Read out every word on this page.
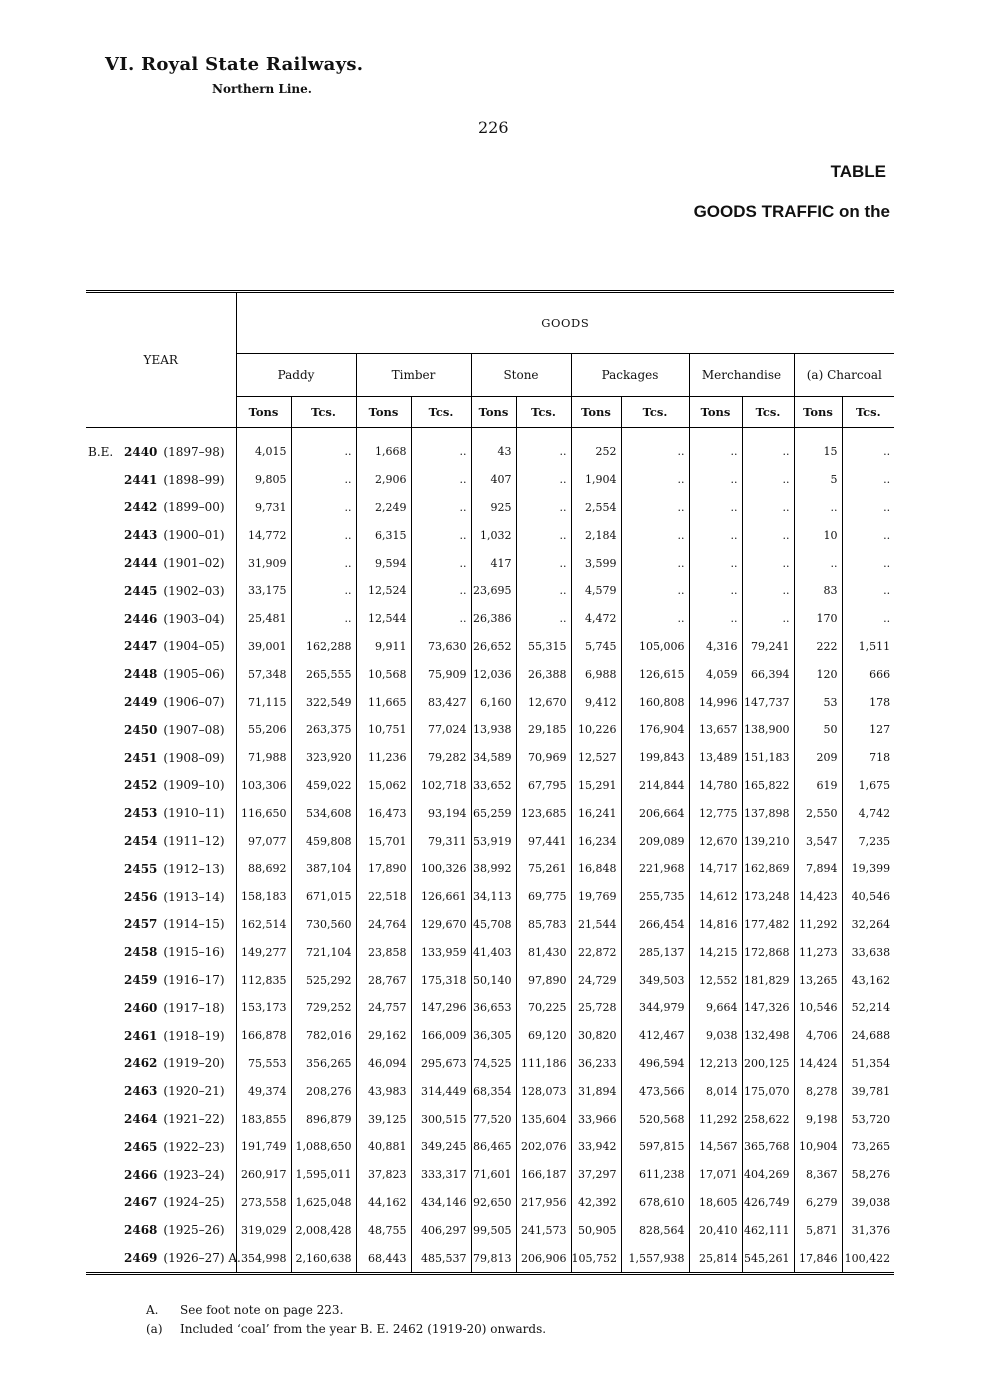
VI. Royal State Railways.
Northern Line.
226
TABLE
GOODS TRAFFIC on the
YEAR	GOODS											
	Paddy		Timber		Stone		Packages		Merchandise		(a) Charcoal	
	Tons	Tcs.	Tons	Tcs.	Tons	Tcs.	Tons	Tcs.	Tons	Tcs.	Tons	Tcs.
B.E. 2440 (1897–98)	4,015	..	1,668	..	43	..	252	..	..	..	15	..
2441 (1898–99)	9,805	..	2,906	..	407	..	1,904	..	..	..	5	..
2442 (1899–00)	9,731	..	2,249	..	925	..	2,554	..	..	..	..	..
2443 (1900–01)	14,772	..	6,315	..	1,032	..	2,184	..	..	..	10	..
2444 (1901–02)	31,909	..	9,594	..	417	..	3,599	..	..	..	..	..
2445 (1902–03)	33,175	..	12,524	..	23,695	..	4,579	..	..	..	83	..
2446 (1903–04)	25,481	..	12,544	..	26,386	..	4,472	..	..	..	170	..
2447 (1904–05)	39,001	162,288	9,911	73,630	26,652	55,315	5,745	105,006	4,316	79,241	222	1,511
2448 (1905–06)	57,348	265,555	10,568	75,909	12,036	26,388	6,988	126,615	4,059	66,394	120	666
2449 (1906–07)	71,115	322,549	11,665	83,427	6,160	12,670	9,412	160,808	14,996	147,737	53	178
2450 (1907–08)	55,206	263,375	10,751	77,024	13,938	29,185	10,226	176,904	13,657	138,900	50	127
2451 (1908–09)	71,988	323,920	11,236	79,282	34,589	70,969	12,527	199,843	13,489	151,183	209	718
2452 (1909–10)	103,306	459,022	15,062	102,718	33,652	67,795	15,291	214,844	14,780	165,822	619	1,675
2453 (1910–11)	116,650	534,608	16,473	93,194	65,259	123,685	16,241	206,664	12,775	137,898	2,550	4,742
2454 (1911–12)	97,077	459,808	15,701	79,311	53,919	97,441	16,234	209,089	12,670	139,210	3,547	7,235
2455 (1912–13)	88,692	387,104	17,890	100,326	38,992	75,261	16,848	221,968	14,717	162,869	7,894	19,399
2456 (1913–14)	158,183	671,015	22,518	126,661	34,113	69,775	19,769	255,735	14,612	173,248	14,423	40,546
2457 (1914–15)	162,514	730,560	24,764	129,670	45,708	85,783	21,544	266,454	14,816	177,482	11,292	32,264
2458 (1915–16)	149,277	721,104	23,858	133,959	41,403	81,430	22,872	285,137	14,215	172,868	11,273	33,638
2459 (1916–17)	112,835	525,292	28,767	175,318	50,140	97,890	24,729	349,503	12,552	181,829	13,265	43,162
2460 (1917–18)	153,173	729,252	24,757	147,296	36,653	70,225	25,728	344,979	9,664	147,326	10,546	52,214
2461 (1918–19)	166,878	782,016	29,162	166,009	36,305	69,120	30,820	412,467	9,038	132,498	4,706	24,688
2462 (1919–20)	75,553	356,265	46,094	295,673	74,525	111,186	36,233	496,594	12,213	200,125	14,424	51,354
2463 (1920–21)	49,374	208,276	43,983	314,449	68,354	128,073	31,894	473,566	8,014	175,070	8,278	39,781
2464 (1921–22)	183,855	896,879	39,125	300,515	77,520	135,604	33,966	520,568	11,292	258,622	9,198	53,720
2465 (1922–23)	191,749	1,088,650	40,881	349,245	86,465	202,076	33,942	597,815	14,567	365,768	10,904	73,265
2466 (1923–24)	260,917	1,595,011	37,823	333,317	71,601	166,187	37,297	611,238	17,071	404,269	8,367	58,276
2467 (1924–25)	273,558	1,625,048	44,162	434,146	92,650	217,956	42,392	678,610	18,605	426,749	6,279	39,038
2468 (1925–26)	319,029	2,008,428	48,755	406,297	99,505	241,573	50,905	828,564	20,410	462,111	5,871	31,376
2469 (1926–27) A.	354,998	2,160,638	68,443	485,537	79,813	206,906	105,752	1,557,938	25,814	545,261	17,846	100,422
A. See foot note on page 223.
(a) Included ‘coal’ from the year B. E. 2462 (1919-20) onwards.
